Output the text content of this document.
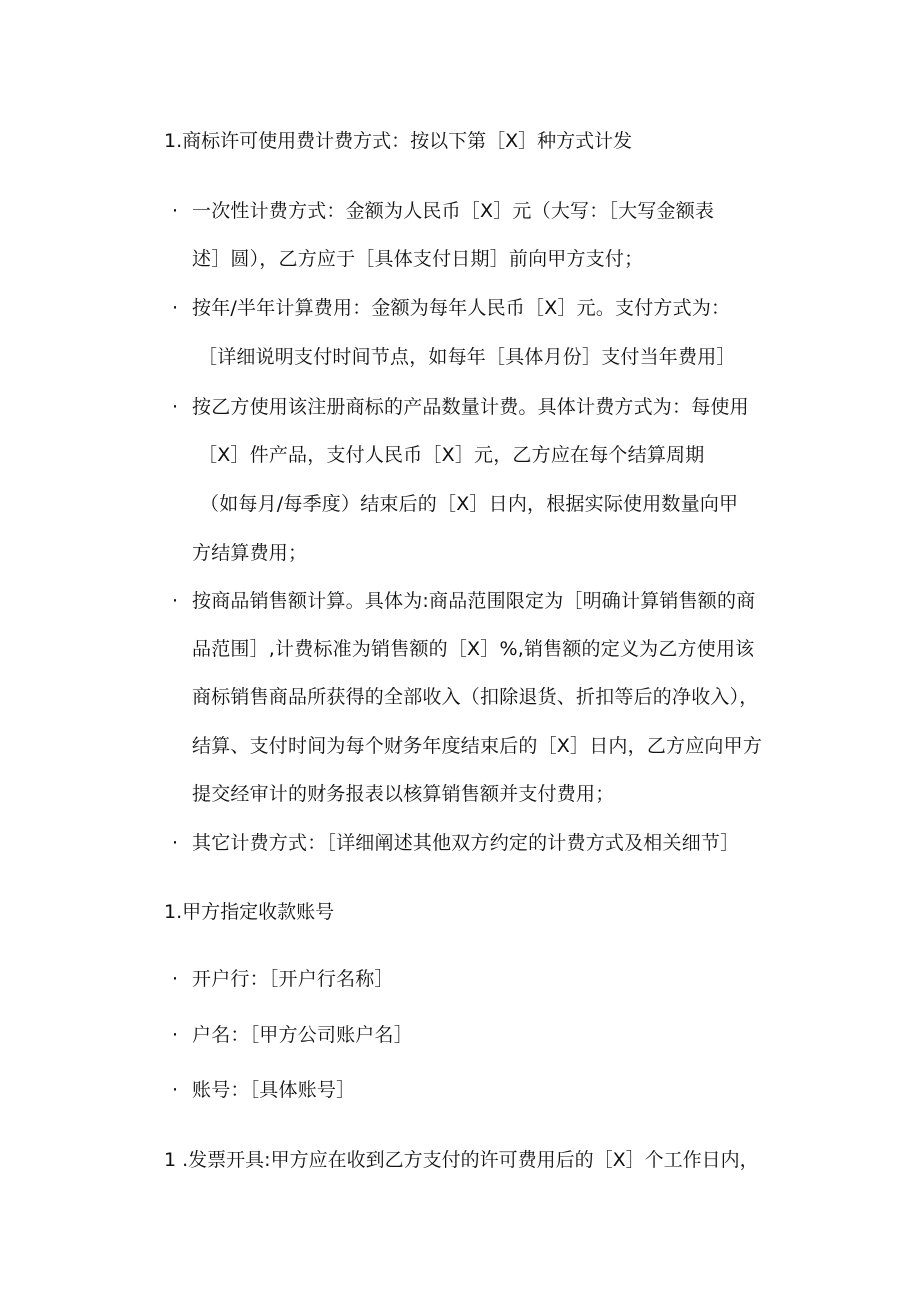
1.商标许可使用费计费方式：按以下第［X］种方式计发
· 一次性计费方式：金额为人民币［X］元（大写：［大写金额表
述］圆），乙方应于［具体支付日期］前向甲方支付；
· 按年/半年计算费用：金额为每年人民币［X］元。支付方式为：
［详细说明支付时间节点，如每年［具体月份］支付当年费用］
· 按乙方使用该注册商标的产品数量计费。具体计费方式为：每使用
［X］件产品，支付人民币［X］元，乙方应在每个结算周期
（如每月/每季度）结束后的［X］日内，根据实际使用数量向甲
方结算费用；
· 按商品销售额计算。具体为:商品范围限定为［明确计算销售额的商
品范围］,计费标准为销售额的［X］%,销售额的定义为乙方使用该
商标销售商品所获得的全部收入（扣除退货、折扣等后的净收入），
结算、支付时间为每个财务年度结束后的［X］日内，乙方应向甲方
提交经审计的财务报表以核算销售额并支付费用；
· 其它计费方式：［详细阐述其他双方约定的计费方式及相关细节］
1.甲方指定收款账号
· 开户行：［开户行名称］
· 户名：［甲方公司账户名］
· 账号：［具体账号］
1 .发票开具:甲方应在收到乙方支付的许可费用后的［X］个工作日内，
